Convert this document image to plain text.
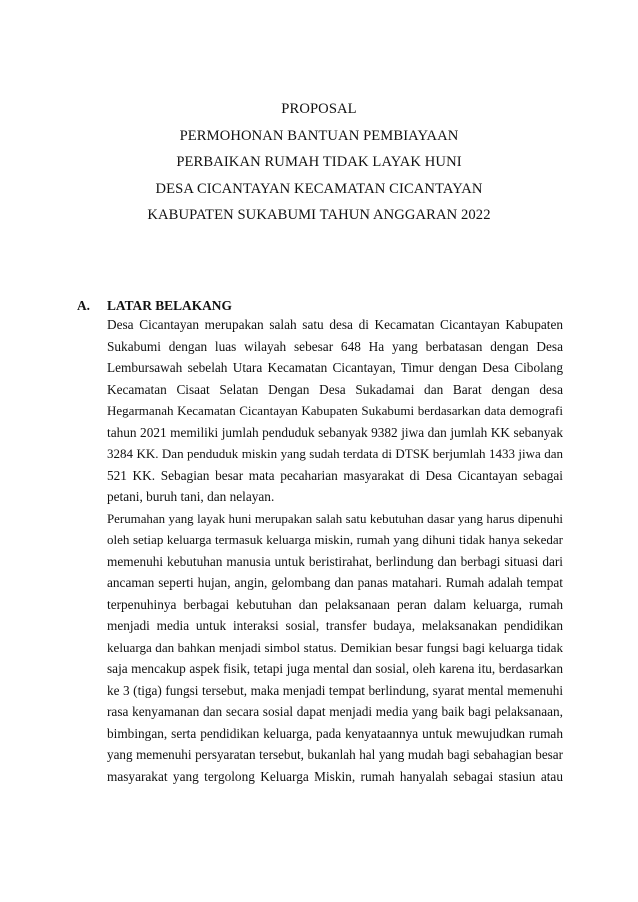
PROPOSAL
PERMOHONAN BANTUAN PEMBIAYAAN
PERBAIKAN RUMAH TIDAK LAYAK HUNI
DESA CICANTAYAN KECAMATAN CICANTAYAN
KABUPATEN SUKABUMI TAHUN ANGGARAN 2022
A. LATAR BELAKANG
Desa Cicantayan merupakan salah satu desa di Kecamatan Cicantayan Kabupaten
Sukabumi dengan luas wilayah sebesar 648 Ha yang berbatasan dengan Desa
Lembursawah sebelah Utara Kecamatan Cicantayan, Timur dengan Desa Cibolang
Kecamatan Cisaat Selatan Dengan Desa Sukadamai dan Barat dengan desa
Hegarmanah Kecamatan Cicantayan Kabupaten Sukabumi berdasarkan data demografi
tahun 2021 memiliki jumlah penduduk sebanyak 9382 jiwa dan jumlah KK sebanyak
3284 KK. Dan penduduk miskin yang sudah terdata di DTSK berjumlah 1433 jiwa dan
521 KK. Sebagian besar mata pecaharian masyarakat di Desa Cicantayan sebagai
petani, buruh tani, dan nelayan.
Perumahan yang layak huni merupakan salah satu kebutuhan dasar yang harus dipenuhi
oleh setiap keluarga termasuk keluarga miskin, rumah yang dihuni tidak hanya sekedar
memenuhi kebutuhan manusia untuk beristirahat, berlindung dan berbagi situasi dari
ancaman seperti hujan, angin, gelombang dan panas matahari. Rumah adalah tempat
terpenuhinya berbagai kebutuhan dan pelaksanaan peran dalam keluarga, rumah
menjadi media untuk interaksi sosial, transfer budaya, melaksanakan pendidikan
keluarga dan bahkan menjadi simbol status. Demikian besar fungsi bagi keluarga tidak
saja mencakup aspek fisik, tetapi juga mental dan sosial, oleh karena itu, berdasarkan
ke 3 (tiga) fungsi tersebut, maka menjadi tempat berlindung, syarat mental memenuhi
rasa kenyamanan dan secara sosial dapat menjadi media yang baik bagi pelaksanaan,
bimbingan, serta pendidikan keluarga, pada kenyataannya untuk mewujudkan rumah
yang memenuhi persyaratan tersebut, bukanlah hal yang mudah bagi sebahagian besar
masyarakat yang tergolong Keluarga Miskin, rumah hanyalah sebagai stasiun atau
